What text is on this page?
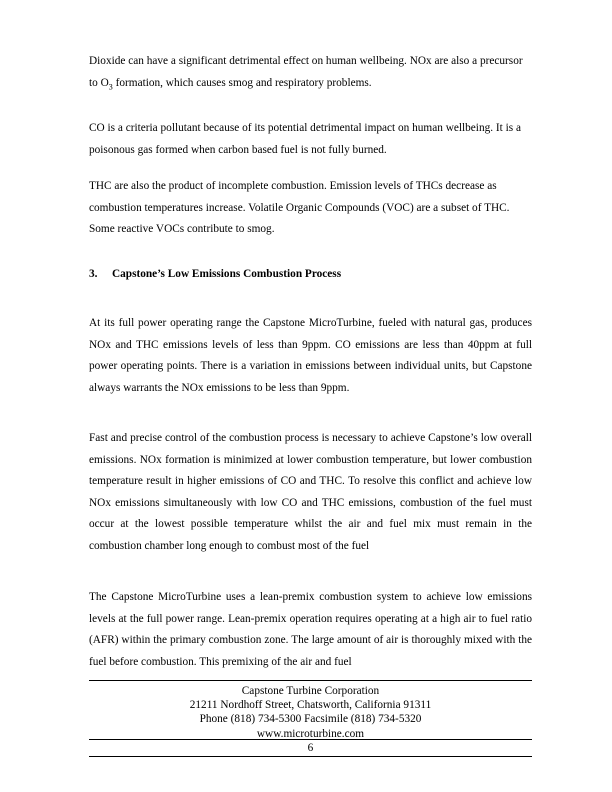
Dioxide can have a significant detrimental effect on human wellbeing. NOx are also a precursor to $O_3$ formation, which causes smog and respiratory problems.

CO is a criteria pollutant because of its potential detrimental impact on human wellbeing. It is a poisonous gas formed when carbon based fuel is not fully burned.

THC are also the product of incomplete combustion. Emission levels of THCs decrease as combustion temperatures increase. Volatile Organic Compounds (VOC) are a subset of THC. Some reactive VOCs contribute to smog.

3. Capstone’s Low Emissions Combustion Process

At its full power operating range the Capstone MicroTurbine, fueled with natural gas, produces NOx and THC emissions levels of less than 9ppm. CO emissions are less than 40ppm at full power operating points. There is a variation in emissions between individual units, but Capstone always warrants the NOx emissions to be less than 9ppm.

Fast and precise control of the combustion process is necessary to achieve Capstone’s low overall emissions. NOx formation is minimized at lower combustion temperature, but lower combustion temperature result in higher emissions of CO and THC. To resolve this conflict and achieve low NOx emissions simultaneously with low CO and THC emissions, combustion of the fuel must occur at the lowest possible temperature whilst the air and fuel mix must remain in the combustion chamber long enough to combust most of the fuel

The Capstone MicroTurbine uses a lean-premix combustion system to achieve low emissions levels at the full power range. Lean-premix operation requires operating at a high air to fuel ratio (AFR) within the primary combustion zone. The large amount of air is thoroughly mixed with the fuel before combustion. This premixing of the air and fuel

Capstone Turbine Corporation
21211 Nordhoff Street, Chatsworth, California 91311
Phone (818) 734-5300 Facsimile (818) 734-5320
www.microturbine.com
6
